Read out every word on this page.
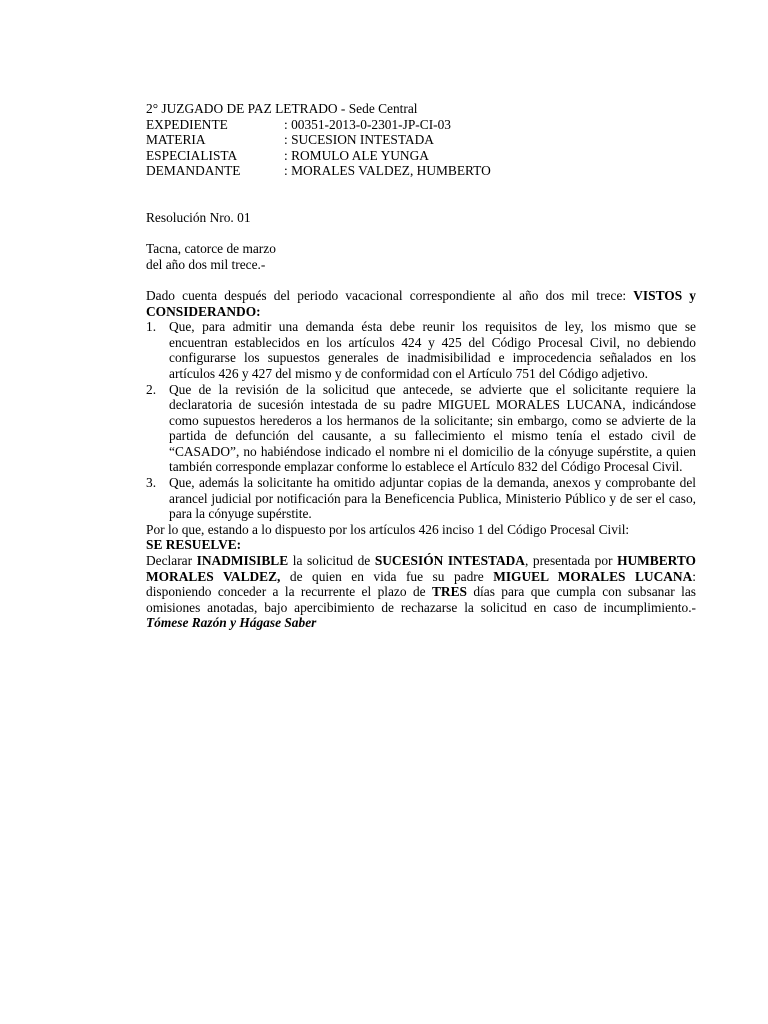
2° JUZGADO DE PAZ LETRADO - Sede Central
EXPEDIENTE	: 00351-2013-0-2301-JP-CI-03
MATERIA	: SUCESION INTESTADA
ESPECIALISTA	: ROMULO ALE YUNGA
DEMANDANTE	: MORALES VALDEZ, HUMBERTO

Resolución Nro. 01

Tacna, catorce de marzo

del año dos mil trece.-

Dado cuenta después del periodo vacacional correspondiente al año dos mil trece: VISTOS y CONSIDERANDO:

1. Que, para admitir una demanda ésta debe reunir los requisitos de ley, los mismo que se encuentran establecidos en los artículos 424 y 425 del Código Procesal Civil, no debiendo configurarse los supuestos generales de inadmisibilidad e improcedencia señalados en los artículos 426 y 427 del mismo y de conformidad con el Artículo 751 del Código adjetivo.
2. Que de la revisión de la solicitud que antecede, se advierte que el solicitante requiere la declaratoria de sucesión intestada de su padre MIGUEL MORALES LUCANA, indicándose como supuestos herederos a los hermanos de la solicitante; sin embargo, como se advierte de la partida de defunción del causante, a su fallecimiento el mismo tenía el estado civil de “CASADO”, no habiéndose indicado el nombre ni el domicilio de la cónyuge supérstite, a quien también corresponde emplazar conforme lo establece el Artículo 832 del Código Procesal Civil.
3. Que, además la solicitante ha omitido adjuntar copias de la demanda, anexos y comprobante del arancel judicial por notificación para la Beneficencia Publica, Ministerio Público y de ser el caso, para la cónyuge supérstite.

Por lo que, estando a lo dispuesto por los artículos 426 inciso 1 del Código Procesal Civil:

SE RESUELVE:

Declarar INADMISIBLE la solicitud de SUCESIÓN INTESTADA, presentada por HUMBERTO MORALES VALDEZ, de quien en vida fue su padre MIGUEL MORALES LUCANA: disponiendo conceder a la recurrente el plazo de TRES días para que cumpla con subsanar las omisiones anotadas, bajo apercibimiento de rechazarse la solicitud en caso de incumplimiento.- Tómese Razón y Hágase Saber
